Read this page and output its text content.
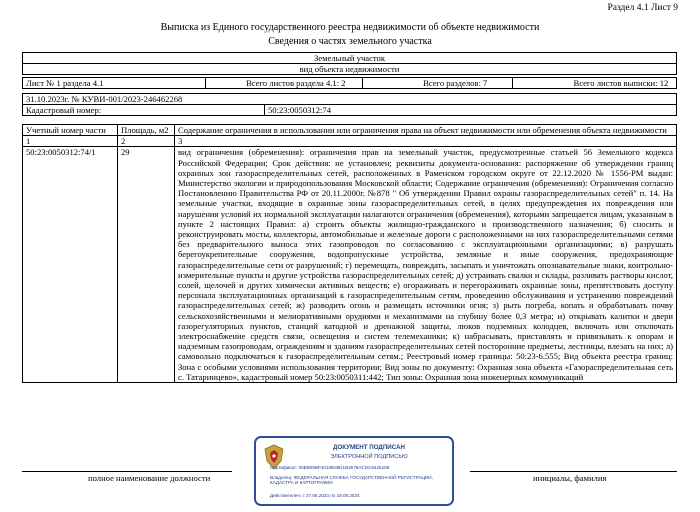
Раздел 4.1 Лист 9
Выписка из Единого государственного реестра недвижимости об объекте недвижимости
Сведения о частях земельного участка
Земельный участок
вид объекта недвижимости
Лист № 1 раздела 4.1	Всего листов раздела 4.1: 2	Всего разделов: 7	Всего листов выписки: 12
31.10.2023г. № КУВИ-001/2023-246462268
Кадастровый номер:	50:23:0050312:74
Учетный номер части	Площадь, м2	Содержание ограничения в использовании или ограничения права на объект недвижимости или обременения объекта недвижимости
1	2	3
50:23:0050312:74/1	29	вид ограничения (обременения): ограничения прав на земельный участок, предусмотренные статьей 56 Земельного кодекса Российской Федерации; Срок действия: не установлен; реквизиты документа-основания: распоряжение об утверждении границ охранных зон газораспределительных сетей, расположенных в Раменском городском округе от 22.12.2020 № 1556-РМ выдан: Министерство экологии и природопользования Московской области; Содержание ограничения (обременения): Ограничения согласно Постановлению Правительства РФ от 20.11.2000г. №878 " Об утверждении Правил охраны газораспределительных сетей" п. 14. На земельные участки, входящие в охранные зоны газораспределительных сетей, в целях предупреждения их повреждения или нарушения условий их нормальной эксплуатации налагаются ограничения (обременения), которыми запрещается лицам, указанным в пункте 2 настоящих Правил: а) строить объекты жилищно-гражданского и производственного назначения; б) сносить и реконструировать мосты, коллекторы, автомобильные и железные дороги с расположенными на них газораспределительными сетями без предварительного выноса этих газопроводов по согласованию с эксплуатационными организациями; в) разрушать берегоукрепительные сооружения, водопропускные устройства, земляные и иные сооружения, предохраняющие газораспределительные сети от разрушений; г) перемещать, повреждать, засыпать и уничтожать опознавательные знаки, контрольно-измерительные пункты и другие устройства газораспределительных сетей; д) устраивать свалки и склады, разливать растворы кислот, солей, щелочей и других химически активных веществ; е) огораживать и перегораживать охранные зоны, препятствовать доступу персонала эксплуатационных организаций к газораспределительным сетям, проведению обслуживания и устранению повреждений газораспределительных сетей; ж) разводить огонь и размещать источники огня; з) рыть погреба, копать и обрабатывать почву сельскохозяйственными и мелиоративными орудиями и механизмами на глубину более 0,3 метра; и) открывать калитки и двери газорегуляторных пунктов, станций катодной и дренажной защиты, люков подземных колодцев, включать или отключать электроснабжение средств связи, освещения и систем телемеханики; к) набрасывать, приставлять и привязывать к опорам и надземным газопроводам, ограждениям и зданиям газораспределительных сетей посторонние предметы, лестницы, влезать на них; л) самовольно подключаться к газораспределительным сетям.; Реестровый номер границы: 50:23-6.555; Вид объекта реестра границ: Зона с особыми условиями использования территории; Вид зоны по документу: Охранная зона объекта «Газораспределительная сеть с. Татаринцево», кадастровый номер 50:23:0050311:442; Тип зоны: Охранная зона инженерных коммуникаций
полное наименование должности	инициалы, фамилия
ДОКУМЕНТ ПОДПИСАН
ЭЛЕКТРОННОЙ ПОДПИСЬЮ
Сертификат: 00BB05BF4010B38D1B3576ACDC8425108
Владелец: ФЕДЕРАЛЬНАЯ СЛУЖБА ГОСУДАРСТВЕННОЙ РЕГИСТРАЦИИ, КАДАСТРА И КАРТОГРАФИИ
Действителен: с 27.06.2023 по 19.09.2024
